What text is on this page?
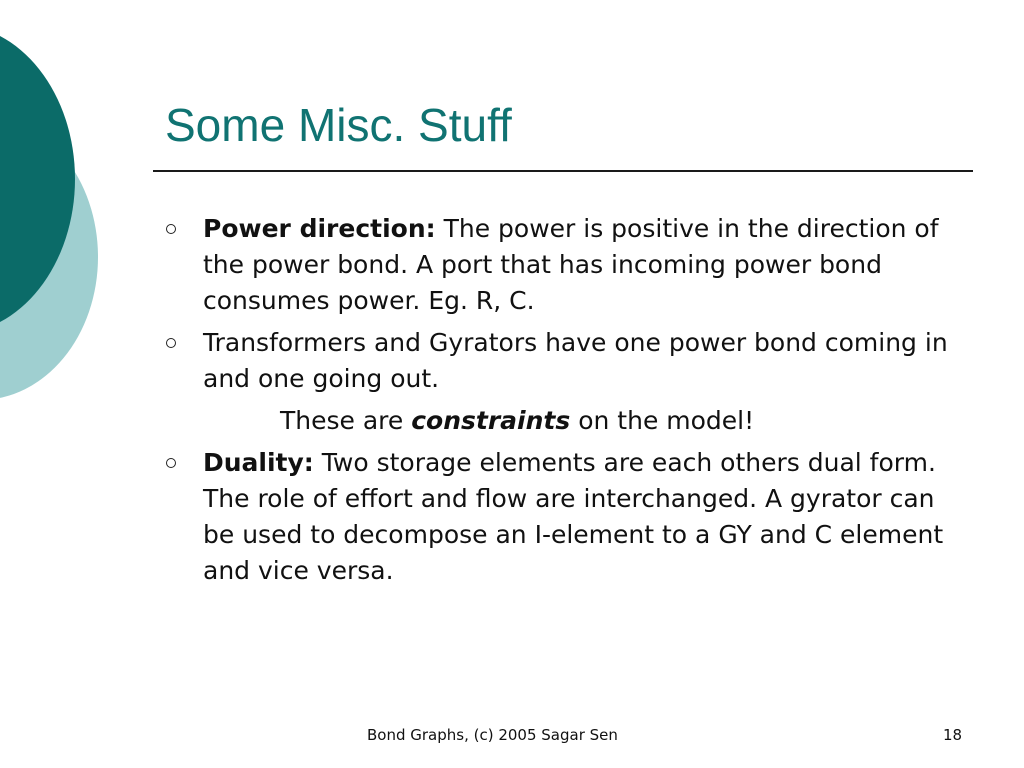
Some Misc. Stuff
Power direction: The power is positive in the direction of the power bond. A port that has incoming power bond consumes power. Eg. R, C.
Transformers and Gyrators have one power bond coming in and one going out.
These are constraints on the model!
Duality: Two storage elements are each others dual form. The role of effort and flow are interchanged. A gyrator can be used to decompose an I-element to a GY and C element and vice versa.
Bond Graphs, (c) 2005 Sagar Sen	18
